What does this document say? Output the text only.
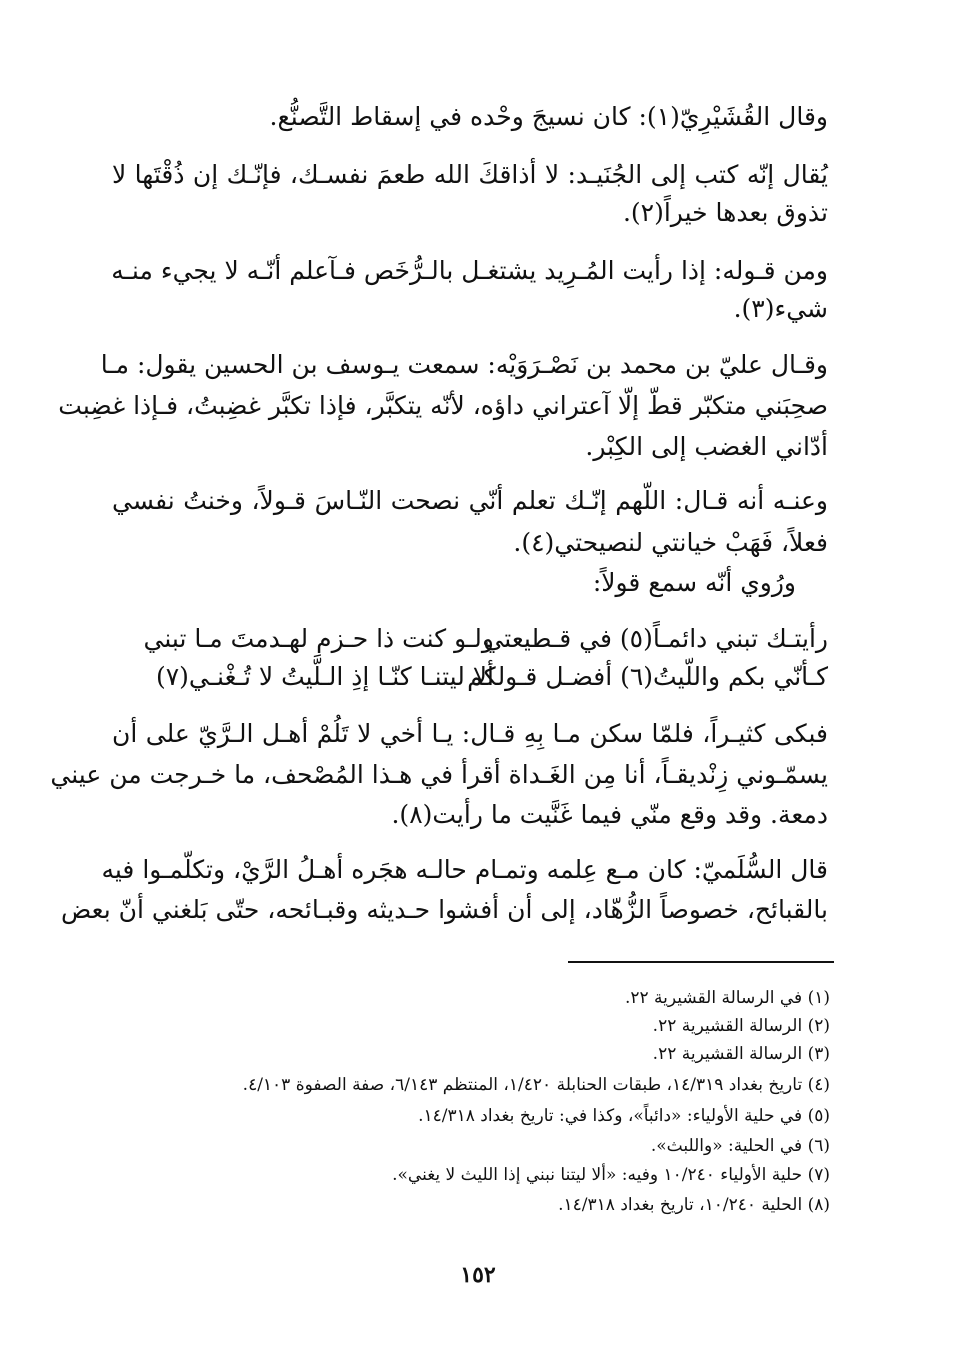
وقال القُشَيْرِيّ(١): كان نسيجَ وحْده في إسقاط التَّصنُّع.
يُقال إنّه كتب إلى الجُنَيـد: لا أذاقكَ الله طعمَ نفسـك، فإنّـك إن ذُقْتَها لا
تذوق بعدها خيراً(٢).
ومن قـوله: إذا رأيت المُـرِيد يشتغـل بالـرُّخَص فـآعلم أنّـه لا يجيء منـه
شيء(٣).
وقـال عليّ بن محمد بن نَصْـرَوَيْه: سمعت يـوسف بن الحسين يقول: مـا
صحِبَني متكبّر قطّ إلّا آعتراني داؤه، لأنّه يتكبَّر، فإذا تكبَّر غضِبتُ، فـإذا غضِبت
أدّاني الغضب إلى الكِبْر.
وعنـه أنه قـال: اللّهم إنّـك تعلم أنّي نصحت النّـاسَ قـولاً، وخنتُ نفسي
فعلاً، فَهَبْ خيانتي لنصيحتي(٤).
ورُوي أنّه سمع قولاً:
رأيتـك تبني دائمـاً(٥) في قـطيعتي
ولـو كنت ذا حـزم لهـدمتَ مـا تبني
كـأنّي بكم واللّيتُ(٦) أفضـل قـولكم
ألا ليتنـا كنّـا إذِ الـلَّيتُ لا تُـغْنـي(٧)
فبكى كثيـراً، فلمّا سكن مـا بِهِ قـال: يـا أخي لا تَلُمْ أهـل الـرَّيّ على أن
يسمّـوني زِنْديقـاً، أنا مِن الغَـداة أقرأ في هـذا المُصْحف، ما خـرجت من عيني
دمعة. وقد وقع منّي فيما غَنَّيت ما رأيت(٨).
قال السُّلَميّ: كان مـع عِلمه وتمـام حالـه هجَره أهـلُ الرَّيْ، وتكلّمـوا فيه
بالقبائح، خصوصاً الزُّهّاد، إلى أن أفشوا حـديثه وقبـائحه، حتّى بَلغني أنّ بعض
(١) في الرسالة القشيرية ٢٢.
(٢) الرسالة القشيرية ٢٢.
(٣) الرسالة القشيرية ٢٢.
(٤) تاريخ بغداد ١٤/٣١٩، طبقات الحنابلة ١/٤٢٠، المنتظم ٦/١٤٣، صفة الصفوة ٤/١٠٣.
(٥) في حلية الأولياء: «دائباً»، وكذا في: تاريخ بغداد ١٤/٣١٨.
(٦) في الحلية: «واللبث».
(٧) حلية الأولياء ١٠/٢٤٠ وفيه: «ألا ليتنا نبني إذا الليث لا يغني».
(٨) الحلية ١٠/٢٤٠، تاريخ بغداد ١٤/٣١٨.
١٥٢
